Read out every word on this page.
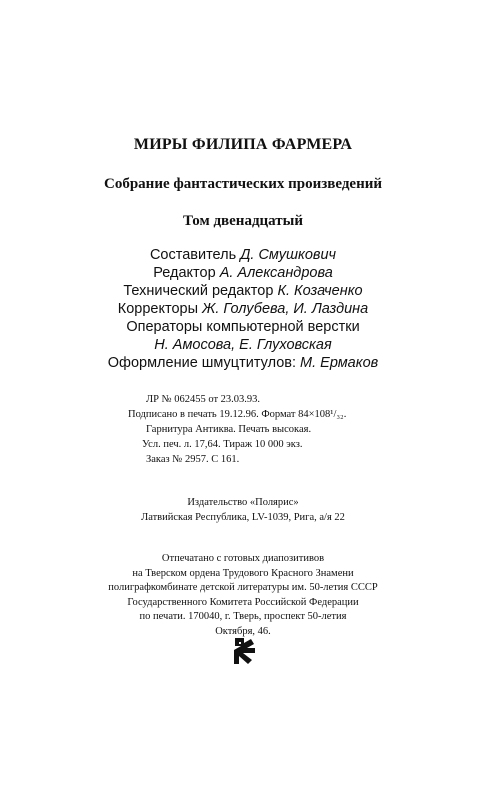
МИРЫ ФИЛИПА ФАРМЕРА
Собрание фантастических произведений
Том двенадцатый
Составитель Д. Смушкович
Редактор А. Александрова
Технический редактор К. Козаченко
Корректоры Ж. Голубева, И. Лаздина
Операторы компьютерной верстки
Н. Амосова, Е. Глуховская
Оформление шмуцтитулов: М. Ермаков
ЛР № 062455 от 23.03.93.
Подписано в печать 19.12.96. Формат 84×108¹/₃₂.
Гарнитура Антиква. Печать высокая.
Усл. печ. л. 17,64. Тираж 10 000 экз.
Заказ № 2957. С 161.
Издательство «Полярис»
Латвийская Республика, LV-1039, Рига, а/я 22
Отпечатано с готовых диапозитивов
на Тверском ордена Трудового Красного Знамени
полиграфкомбинате детской литературы им. 50-летия СССР
Государственного Комитета Российской Федерации
по печати. 170040, г. Тверь, проспект 50-летия
Октября, 46.
